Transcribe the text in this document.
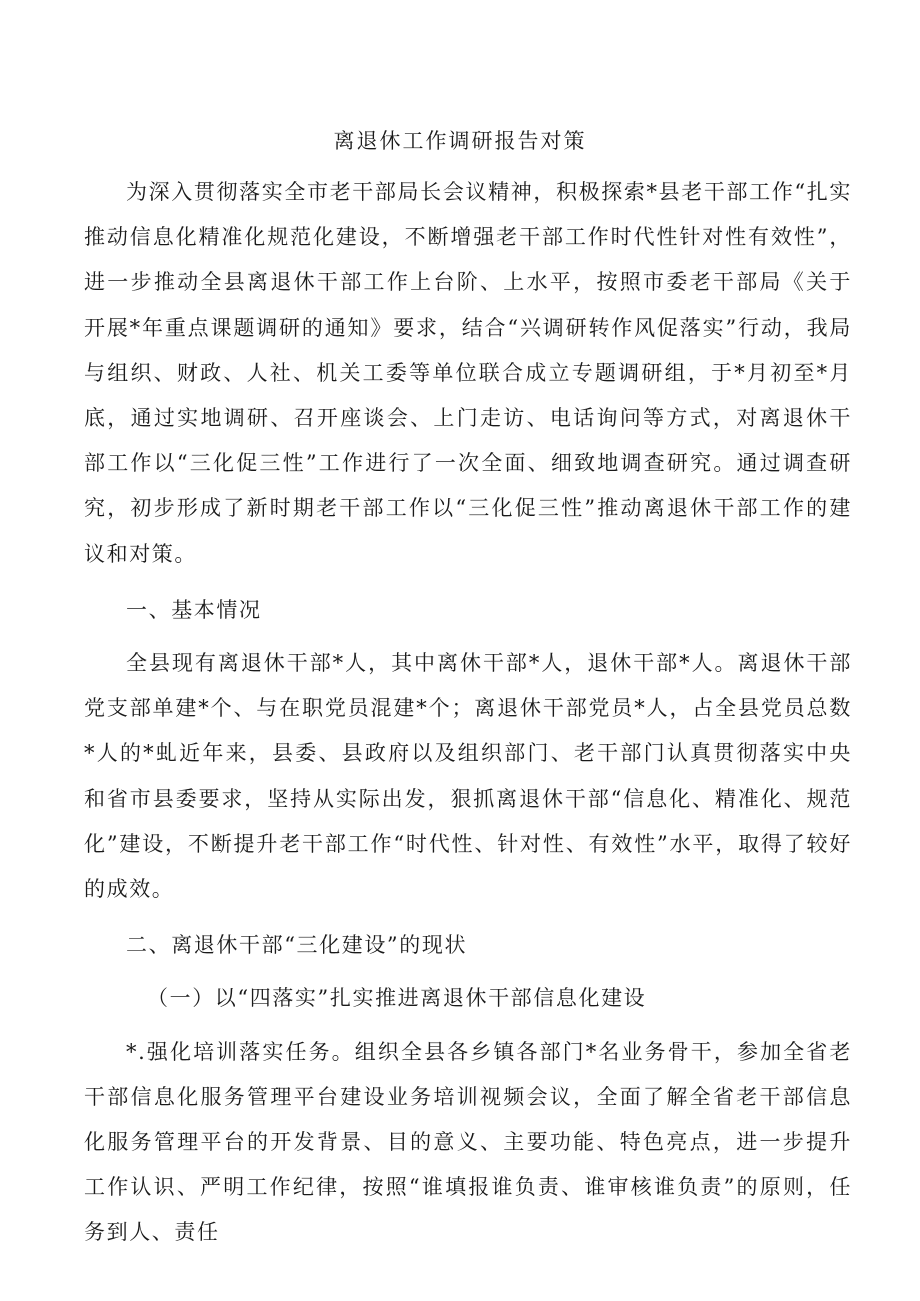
离退休工作调研报告对策

为深入贯彻落实全市老干部局长会议精神，积极探索*县老干部工作“扎实推动信息化精准化规范化建设，不断增强老干部工作时代性针对性有效性”，进一步推动全县离退休干部工作上台阶、上水平，按照市委老干部局《关于开展*年重点课题调研的通知》要求，结合“兴调研转作风促落实”行动，我局与组织、财政、人社、机关工委等单位联合成立专题调研组，于*月初至*月底，通过实地调研、召开座谈会、上门走访、电话询问等方式，对离退休干部工作以“三化促三性”工作进行了一次全面、细致地调查研究。通过调查研究，初步形成了新时期老干部工作以“三化促三性”推动离退休干部工作的建议和对策。

一、基本情况

全县现有离退休干部*人，其中离休干部*人，退休干部*人。离退休干部党支部单建*个、与在职党员混建*个；离退休干部党员*人，占全县党员总数*人的*虬近年来，县委、县政府以及组织部门、老干部门认真贯彻落实中央和省市县委要求，坚持从实际出发，狠抓离退休干部“信息化、精准化、规范化”建设，不断提升老干部工作“时代性、针对性、有效性”水平，取得了较好的成效。

二、离退休干部“三化建设”的现状

（一）以“四落实”扎实推进离退休干部信息化建设

*.强化培训落实任务。组织全县各乡镇各部门*名业务骨干，参加全省老干部信息化服务管理平台建设业务培训视频会议，全面了解全省老干部信息化服务管理平台的开发背景、目的意义、主要功能、特色亮点，进一步提升工作认识、严明工作纪律，按照“谁填报谁负责、谁审核谁负责”的原则，任务到人、责任
